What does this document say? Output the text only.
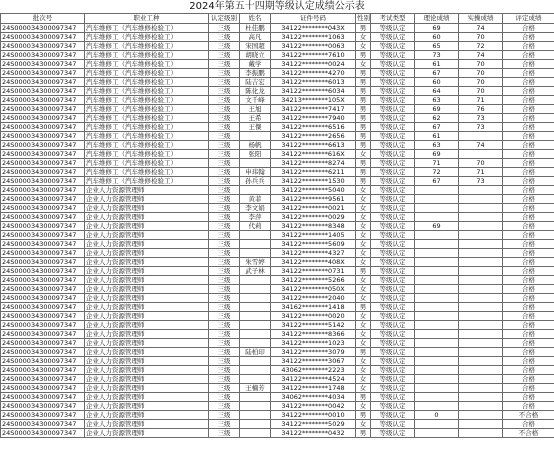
2024年第五十四期等级认定成绩公示表
批次号	职业工种	认定级别	姓名	证件号码	性别	考试类型	理论成绩	实操成绩	评定成绩
24S000034300097347	汽车维修工（汽车维修检验工）	三级	杜佳鹏	34122********043X	男	等级认定	69	74	合格
24S000034300097347	汽车维修工（汽车维修检验工）	三级	高凡	34122********1063	女	等级认定	60	70	合格
24S000034300097347	汽车维修工（汽车维修检验工）	三级	宋国超	34122********0063	女	等级认定	65	72	合格
24S000034300097347	汽车维修工（汽车维修检验工）	三级	胡晓立	34122********7610	男	等级认定	73	74	合格
24S000034300097347	汽车维修工（汽车维修检验工）	三级	戴学	34122********0024	女	等级认定	61	70	合格
24S000034300097347	汽车维修工（汽车维修检验工）	三级	李振鹏	34122********4270	男	等级认定	67	70	合格
24S000034300097347	汽车维修工（汽车维修检验工）	三级	陆吉宏	34122********6013	男	等级认定	60	70	合格
24S000034300097347	汽车维修工（汽车维修检验工）	三级	陈化龙	34122********6034	男	等级认定	64	70	合格
24S000034300097347	汽车维修工（汽车维修检验工）	三级	文千峰	34213********105X	男	等级认定	63	71	合格
24S000034300097347	汽车维修工（汽车维修检验工）	三级	王旭	34122********7417	男	等级认定	69	76	合格
24S000034300097347	汽车维修工（汽车维修检验工）	三级	王希	34122********7940	男	等级认定	62	73	合格
24S000034300097347	汽车维修工（汽车维修检验工）	三级	王傑	34122********6516	男	等级认定	67	73	合格
24S000034300097347	汽车维修工（汽车维修检验工）	三级		34122********2656	男	等级认定	61		合格
24S000034300097347	汽车维修工（汽车维修检验工）	三级	杨帆	34122********6613	男	等级认定	63	74	合格
24S000034300097347	汽车维修工（汽车维修检验工）	三级	张阳	34122********616X	女	等级认定	69		合格
24S000034300097347	汽车维修工（汽车维修检验工）	三级		34122********8274	男	等级认定	71	70	合格
24S000034300097347	汽车维修工（汽车维修检验工）	三级	申玮翰	34122********6211	男	等级认定	72	71	合格
24S000034300097347	汽车维修工（汽车维修检验工）	三级	孙兵兵	34122********1530	男	等级认定	67	73	合格
24S000034300097347	企业人力资源管理师	三级		34122********5040	女	等级认定			合格
24S000034300097347	企业人力资源管理师	三级	黄菲	34122********9561	女	等级认定			合格
24S000034300097347	企业人力资源管理师	三级	李文娟	34122********0021	女	等级认定			合格
24S000034300097347	企业人力资源管理师	三级	李萍	34122********0029	女	等级认定			合格
24S000034300097347	企业人力资源管理师	三级	代莉	34122********8348	女	等级认定	69		合格
24S000034300097347	企业人力资源管理师	三级		34122********1405	女	等级认定			合格
24S000034300097347	企业人力资源管理师	三级		34122********5609	女	等级认定			合格
24S000034300097347	企业人力资源管理师	三级		34122********4327	女	等级认定			合格
24S000034300097347	企业人力资源管理师	三级	朱雪婷	34122********408X	女	等级认定			合格
24S000034300097347	企业人力资源管理师	三级	武子林	34122********0731	男	等级认定			合格
24S000034300097347	企业人力资源管理师	三级		34122********5266	女	等级认定			合格
24S000034300097347	企业人力资源管理师	三级		34122********050X	女	等级认定			合格
24S000034300097347	企业人力资源管理师	三级		34122********2040	女	等级认定			合格
24S000034300097347	企业人力资源管理师	三级		34162********1418	男	等级认定			合格
24S000034300097347	企业人力资源管理师	三级		34122********0020	女	等级认定			合格
24S000034300097347	企业人力资源管理师	三级		34122********5142	女	等级认定			合格
24S000034300097347	企业人力资源管理师	三级		34122********8366	女	等级认定			合格
24S000034300097347	企业人力资源管理师	三级		34122********1023	女	等级认定			合格
24S000034300097347	企业人力资源管理师	三级	陆柏印	34122********3079	男	等级认定			合格
24S000034300097347	企业人力资源管理师	三级		34122********3067	女	等级认定			合格
24S000034300097347	企业人力资源管理师	三级		43062********2223	女	等级认定			合格
24S000034300097347	企业人力资源管理师	三级		34122********4524	女	等级认定			合格
24S000034300097347	企业人力资源管理师	三级	王楠芳	34122********1748	女	等级认定			合格
24S000034300097347	企业人力资源管理师	三级		34062********4034	男	等级认定			合格
24S000034300097347	企业人力资源管理师	三级		34122********0042	女	等级认定			合格
24S000034300097347	企业人力资源管理师	三级		34122********0010	男	等级认定	0		不合格
24S000034300097347	企业人力资源管理师	三级		34122********5029	女	等级认定			合格
24S000034300097347	企业人力资源管理师	三级		34122********0432	男	等级认定			不合格
